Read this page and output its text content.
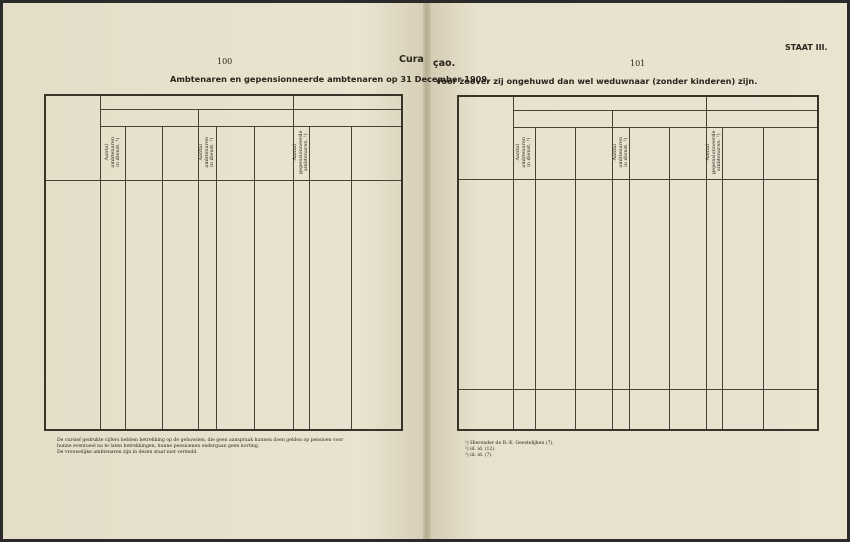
100	101
STAAT III.
Cura çao.
Ambtenaren en gepensionneerde ambtenaren op 31 December 1909,
voor zoover zij ongehuwd dan wel weduwnaar (zonder kinderen) zijn.
Aantal ambtenaren in dienst. ¹)	Aantal ambtenaren in dienst. ¹)	Aantal gepensionneerde ambtenaren. ²)	Aantal ambtenaren in dienst. ¹)	Aantal ambtenaren in dienst. ¹)	Aantal gepensionneerde ambtenaren. ²)
De cursief gedrukte cijfers hebben betrekking op de gehuwden, die geen aanspraak kunnen doen gelden op pensioen voor
hunne eventueel na te laten betrekkingen; hunne pensioenen ondergaan geen korting.
De vrouwelijke ambtenaren zijn in dezen staat niet vermeld.
¹) Hieronder de R.-K. Geestelijken (7).
²) id. id. (12).
³) id. id. (7).
